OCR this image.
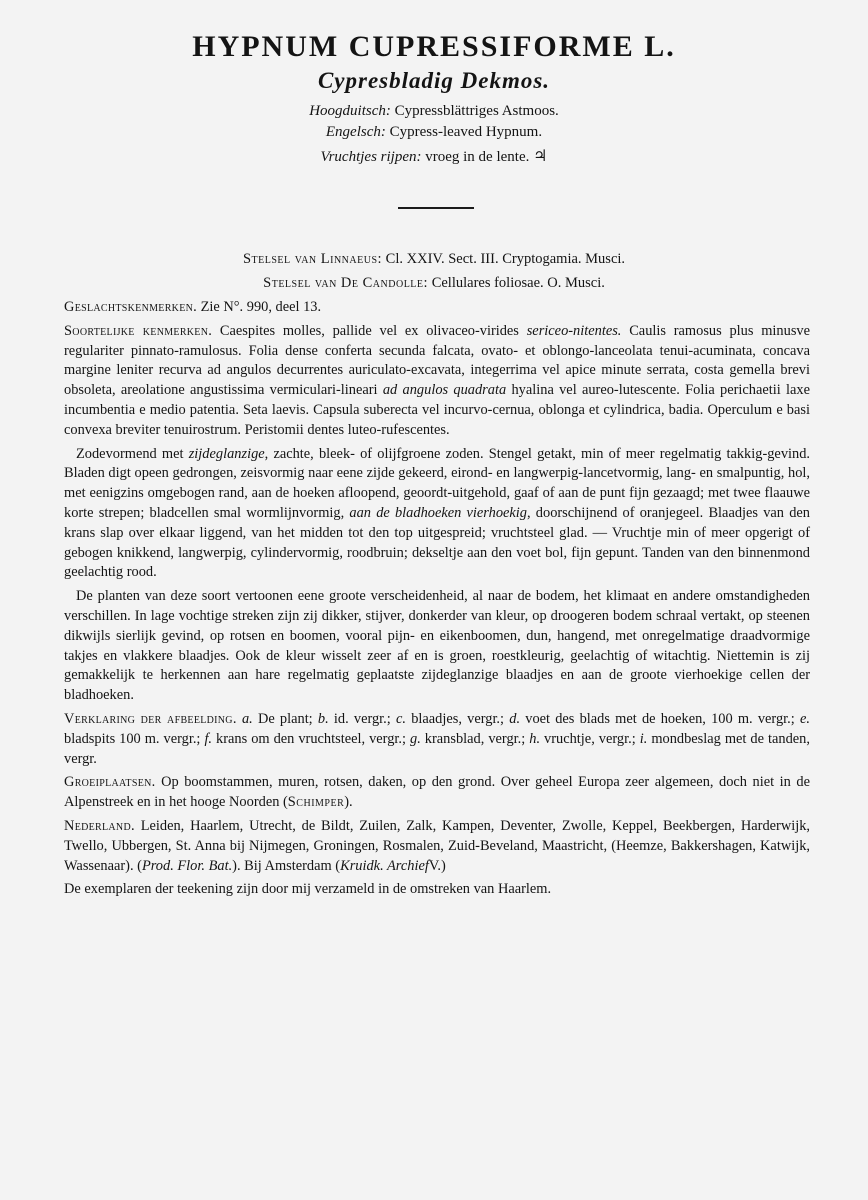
HYPNUM CUPRESSIFORME L.
Cypresbladig Dekmos.
Hoogduitsch: Cypressblättriges Astmoos.
Engelsch: Cypress-leaved Hypnum.
Vruchtjes rijpen: vroeg in de lente. ♃
Stelsel van Linnaeus: Cl. XXIV. Sect. III. Cryptogamia. Musci.
Stelsel van De Candolle: Cellulares foliosae. O. Musci.

Geslachtskenmerken. Zie N°. 990, deel 13.

Soortelijke kenmerken. Caespites molles, pallide vel ex olivaceo-virides sericeo-nitentes. Caulis ramosus plus minusve regulariter pinnato-ramulosus. Folia dense conferta secunda falcata, ovato- et oblongo-lanceolata tenui-acuminata, concava margine leniter recurva ad angulos decurrentes auriculato-excavata, integerrima vel apice minute serrata, costa gemella brevi obsoleta, areolatione angustissima vermiculari-lineari ad angulos quadrata hyalina vel aureo-lutescente. Folia perichaetii laxe incumbentia e medio patentia. Seta laevis. Capsula suberecta vel incurvo-cernua, oblonga et cylindrica, badia. Operculum e basi convexa breviter tenuirostrum. Peristomii dentes luteo-rufescentes.

Zodevormend met zijdeglanzige, zachte, bleek- of olijfgroene zoden. Stengel getakt, min of meer regelmatig takkig-gevind. Bladen digt opeen gedrongen, zeisvormig naar eene zijde gekeerd, eirond- en langwerpig-lancetvormig, lang- en smalpuntig, hol, met eenigzins omgebogen rand, aan de hoeken afloopend, geoordt-uitgehold, gaaf of aan de punt fijn gezaagd; met twee flaauwe korte strepen; bladcellen smal wormlijnvormig, aan de bladhoeken vierhoekig, doorschijnend of oranjegeel. Blaadjes van den krans slap over elkaar liggend, van het midden tot den top uitgespreid; vruchtsteel glad. — Vruchtje min of meer opgerigt of gebogen knikkend, langwerpig, cylindervormig, roodbruin; dekseltje aan den voet bol, fijn gepunt. Tanden van den binnenmond geelachtig rood.

De planten van deze soort vertoonen eene groote verscheidenheid, al naar de bodem, het klimaat en andere omstandigheden verschillen. In lage vochtige streken zijn zij dikker, stijver, donkerder van kleur, op droogeren bodem schraal vertakt, op steenen dikwijls sierlijk gevind, op rotsen en boomen, vooral pijn- en eikenboomen, dun, hangend, met onregelmatige draadvormige takjes en vlakkere blaadjes. Ook de kleur wisselt zeer af en is groen, roestkleurig, geelachtig of witachtig. Niettemin is zij gemakkelijk te herkennen aan hare regelmatig geplaatste zijdeglanzige blaadjes en aan de groote vierhoekige cellen der bladhoeken.

Verklaring der afbeelding. a. De plant; b. id. vergr.; c. blaadjes, vergr.; d. voet des blads met de hoeken, 100 m. vergr.; e. bladspits 100 m. vergr.; f. krans om den vruchtsteel, vergr.; g. kransblad, vergr.; h. vruchtje, vergr.; i. mondbeslag met de tanden, vergr.

Groeiplaatsen. Op boomstammen, muren, rotsen, daken, op den grond. Over geheel Europa zeer algemeen, doch niet in de Alpenstreek en in het hooge Noorden (Schimper).

Nederland. Leiden, Haarlem, Utrecht, de Bildt, Zuilen, Zalk, Kampen, Deventer, Zwolle, Keppel, Beekbergen, Harderwijk, Twello, Ubbergen, St. Anna bij Nijmegen, Groningen, Rosmalen, Zuid-Beveland, Maastricht, (Heemze, Bakkershagen, Katwijk, Wassenaar). (Prod. Flor. Bat.). Bij Amsterdam (Kruidk. ArchiefV.)

De exemplaren der teekening zijn door mij verzameld in de omstreken van Haarlem.
